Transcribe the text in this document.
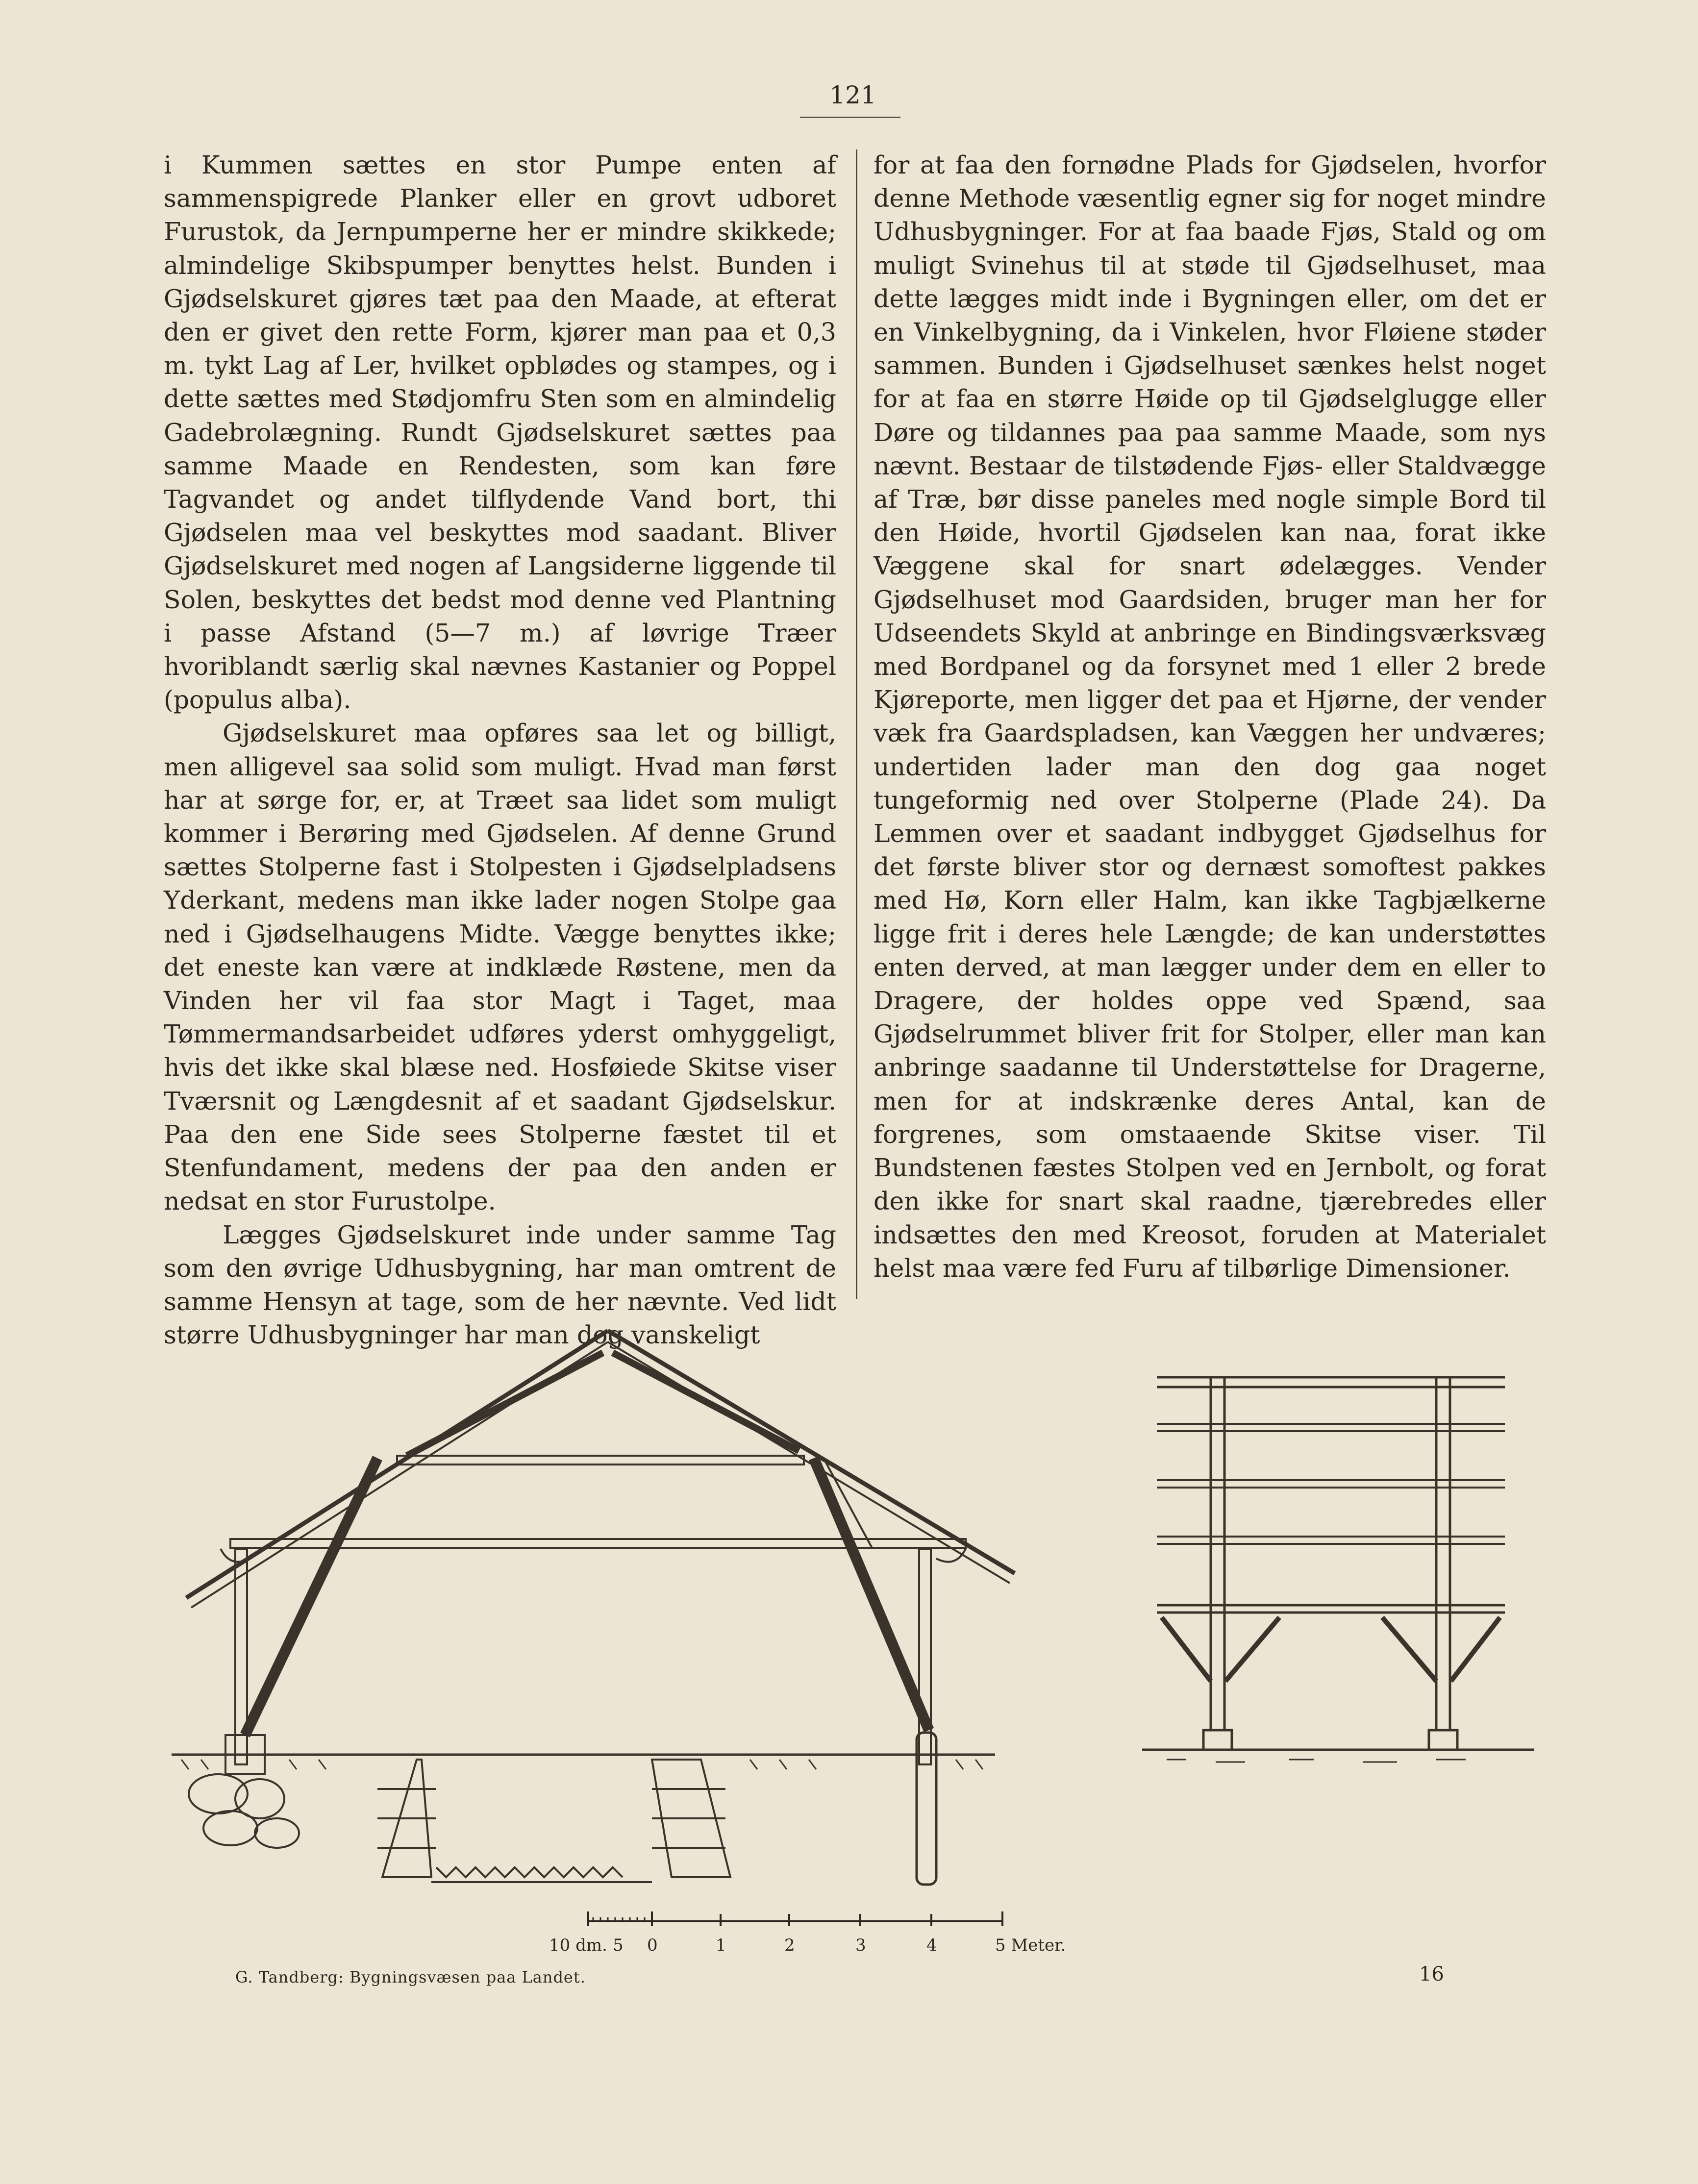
121

i Kummen sættes en stor Pumpe enten af sammenspigrede Planker eller en grovt udboret Furustok, da Jernpumperne her er mindre skikkede; almindelige Skibspumper benyttes helst. Bunden i Gjødselskuret gjøres tæt paa den Maade, at efterat den er givet den rette Form, kjører man paa et 0,3 m. tykt Lag af Ler, hvilket opblødes og stampes, og i dette sættes med Stødjomfru Sten som en almindelig Gadebrolægning. Rundt Gjødselskuret sættes paa samme Maade en Rendesten, som kan føre Tagvandet og andet tilflydende Vand bort, thi Gjødselen maa vel beskyttes mod saadant. Bliver Gjødselskuret med nogen af Langsiderne liggende til Solen, beskyttes det bedst mod denne ved Plantning i passe Afstand (5—7 m.) af løvrige Træer hvoriblandt særlig skal nævnes Kastanier og Poppel (populus alba).

Gjødselskuret maa opføres saa let og billigt, men alligevel saa solid som muligt. Hvad man først har at sørge for, er, at Træet saa lidet som muligt kommer i Berøring med Gjødselen. Af denne Grund sættes Stolperne fast i Stolpesten i Gjødselpladsens Yderkant, medens man ikke lader nogen Stolpe gaa ned i Gjødselhaugens Midte. Vægge benyttes ikke; det eneste kan være at indklæde Røstene, men da Vinden her vil faa stor Magt i Taget, maa Tømmermandsarbeidet udføres yderst omhyggeligt, hvis det ikke skal blæse ned. Hosføiede Skitse viser Tværsnit og Længdesnit af et saadant Gjødselskur. Paa den ene Side sees Stolperne fæstet til et Stenfundament, medens der paa den anden er nedsat en stor Furustolpe.

Lægges Gjødselskuret inde under samme Tag som den øvrige Udhusbygning, har man omtrent de samme Hensyn at tage, som de her nævnte. Ved lidt større Udhusbygninger har man dog vanskeligt

for at faa den fornødne Plads for Gjødselen, hvorfor denne Methode væsentlig egner sig for noget mindre Udhusbygninger. For at faa baade Fjøs, Stald og om muligt Svinehus til at støde til Gjødselhuset, maa dette lægges midt inde i Bygningen eller, om det er en Vinkelbygning, da i Vinkelen, hvor Fløiene støder sammen. Bunden i Gjødselhuset sænkes helst noget for at faa en større Høide op til Gjødselglugge eller Døre og tildannes paa paa samme Maade, som nys nævnt. Bestaar de tilstødende Fjøs- eller Staldvægge af Træ, bør disse paneles med nogle simple Bord til den Høide, hvortil Gjødselen kan naa, forat ikke Væggene skal for snart ødelægges. Vender Gjødselhuset mod Gaardsiden, bruger man her for Udseendets Skyld at anbringe en Bindingsværksvæg med Bordpanel og da forsynet med 1 eller 2 brede Kjøreporte, men ligger det paa et Hjørne, der vender væk fra Gaardspladsen, kan Væggen her undværes; undertiden lader man den dog gaa noget tungeformig ned over Stolperne (Plade 24). Da Lemmen over et saadant indbygget Gjødselhus for det første bliver stor og dernæst somoftest pakkes med Hø, Korn eller Halm, kan ikke Tagbjælkerne ligge frit i deres hele Længde; de kan understøttes enten derved, at man lægger under dem en eller to Dragere, der holdes oppe ved Spænd, saa Gjødselrummet bliver frit for Stolper, eller man kan anbringe saadanne til Understøttelse for Dragerne, men for at indskrænke deres Antal, kan de forgrenes, som omstaaende Skitse viser. Til Bundstenen fæstes Stolpen ved en Jernbolt, og forat den ikke for snart skal raadne, tjærebredes eller indsættes den med Kreosot, foruden at Materialet helst maa være fed Furu af tilbørlige Dimensioner.

10 dm. 5 0	1	2	3	4	5 Meter.
G. Tandberg: Bygningsvæsen paa Landet.	16
